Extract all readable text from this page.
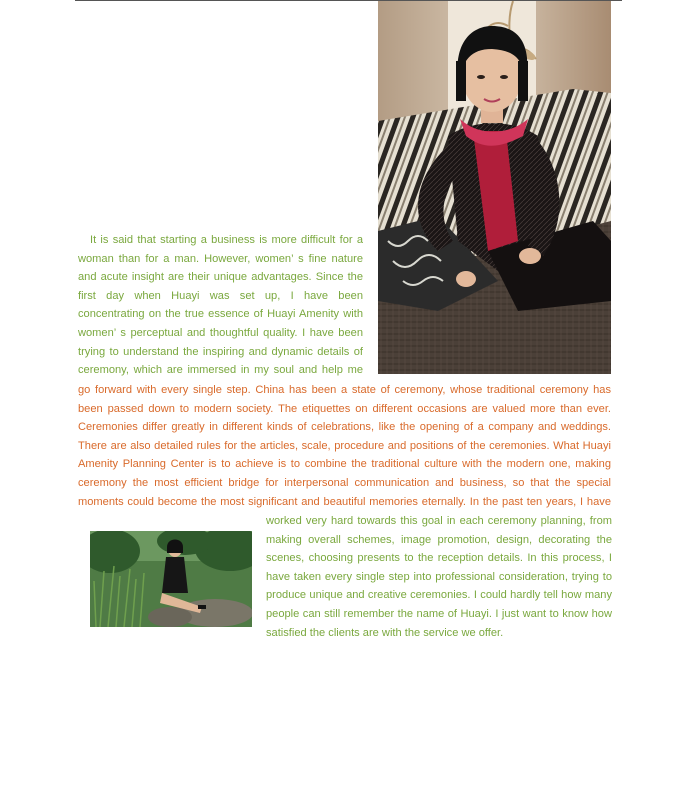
It is said that starting a business is more difficult for a
woman than for a man. However, women’ s fine nature
and acute insight are their unique advantages. Since the
first day when Huayi was set up, I have been
concentrating on the true essence of Huayi Amenity with
women’ s perceptual and thoughtful quality. I have been
trying to understand the inspiring and dynamic details of
ceremony, which are immersed in my soul and help me
go forward with every single step. China has been a state of ceremony, whose traditional ceremony has
been passed down to modern society. The etiquettes on different occasions are valued more than ever.
Ceremonies differ greatly in different kinds of celebrations, like the opening of a company and weddings.
There are also detailed rules for the articles, scale, procedure and positions of the ceremonies. What Huayi
Amenity Planning Center is to achieve is to combine the traditional culture with the modern one, making
ceremony the most efficient bridge for interpersonal communication and business, so that the special
moments could become the most significant and beautiful memories eternally. In the past ten years, I have
worked very hard towards this goal in each ceremony planning, from
making overall schemes, image promotion, design, decorating the
scenes, choosing presents to the reception details. In this process, I
have taken every single step into professional consideration, trying to
produce unique and creative ceremonies. I could hardly tell how many
people can still remember the name of Huayi. I just want to know how
satisfied the clients are with the service we offer.
